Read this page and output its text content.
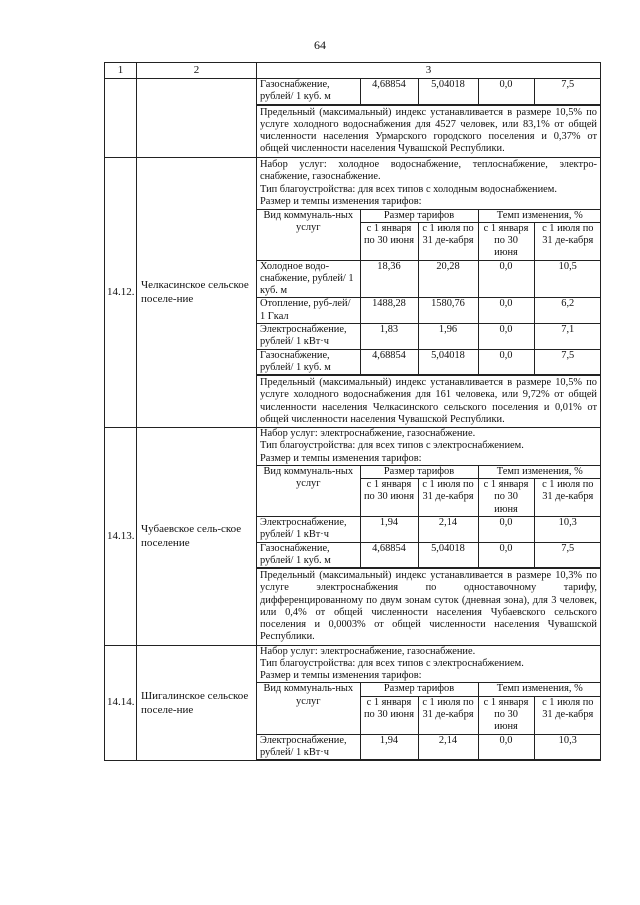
64
1	2	3

Газоснабжение, рублей/ 1 куб. м	4,68854	5,04018	0,0	7,5
Предельный (максимальный) индекс устанавливается в размере 10,5% по услуге холодного водоснабжения для 4527 человек, или 83,1% от общей численности населения Урмарского городского поселения и 0,37% от общей численности населения Чувашской Республики.

14.12.	Челкасинское сельское поселе-ние	
Набор услуг: холодное водоснабжение, теплоснабжение, электро-снабжение, газоснабжение.
Тип благоустройства: для всех типов с холодным водоснабжением.
Размер и темпы изменения тарифов:
Вид коммуналь-ных услуг	Размер тарифов	Темп изменения, %
с 1 января по 30 июня	с 1 июля по 31 де-кабря	с 1 января по 30 июня	с 1 июля по 31 де-кабря
Холодное водо-снабжение, рублей/ 1 куб. м	18,36	20,28	0,0	10,5
Отопление, руб-лей/ 1 Гкал	1488,28	1580,76	0,0	6,2
Электроснабжение, рублей/ 1 кВт·ч	1,83	1,96	0,0	7,1
Газоснабжение, рублей/ 1 куб. м	4,68854	5,04018	0,0	7,5
Предельный (максимальный) индекс устанавливается в размере 10,5% по услуге холодного водоснабжения для 161 человека, или 9,72% от общей численности населения Челкасинского сельского поселения и 0,01% от общей численности населения Чувашской Республики.

14.13.	Чубаевское сель-ское поселение	
Набор услуг: электроснабжение, газоснабжение.
Тип благоустройства: для всех типов с электроснабжением.
Размер и темпы изменения тарифов:
Вид коммуналь-ных услуг	Размер тарифов	Темп изменения, %
с 1 января по 30 июня	с 1 июля по 31 де-кабря	с 1 января по 30 июня	с 1 июля по 31 де-кабря
Электроснабжение, рублей/ 1 кВт·ч	1,94	2,14	0,0	10,3
Газоснабжение, рублей/ 1 куб. м	4,68854	5,04018	0,0	7,5
Предельный (максимальный) индекс устанавливается в размере 10,3% по услуге электроснабжения по одноставочному тарифу, дифференцированному по двум зонам суток (дневная зона), для 3 человек, или 0,4% от общей численности населения Чубаевского сельского поселения и 0,0003% от общей численности населения Чувашской Республики.

14.14.	Шигалинское сельское поселе-ние	
Набор услуг: электроснабжение, газоснабжение.
Тип благоустройства: для всех типов с электроснабжением.
Размер и темпы изменения тарифов:
Вид коммуналь-ных услуг	Размер тарифов	Темп изменения, %
с 1 января по 30 июня	с 1 июля по 31 де-кабря	с 1 января по 30 июня	с 1 июля по 31 де-кабря
Электроснабжение, рублей/ 1 кВт·ч	1,94	2,14	0,0	10,3
